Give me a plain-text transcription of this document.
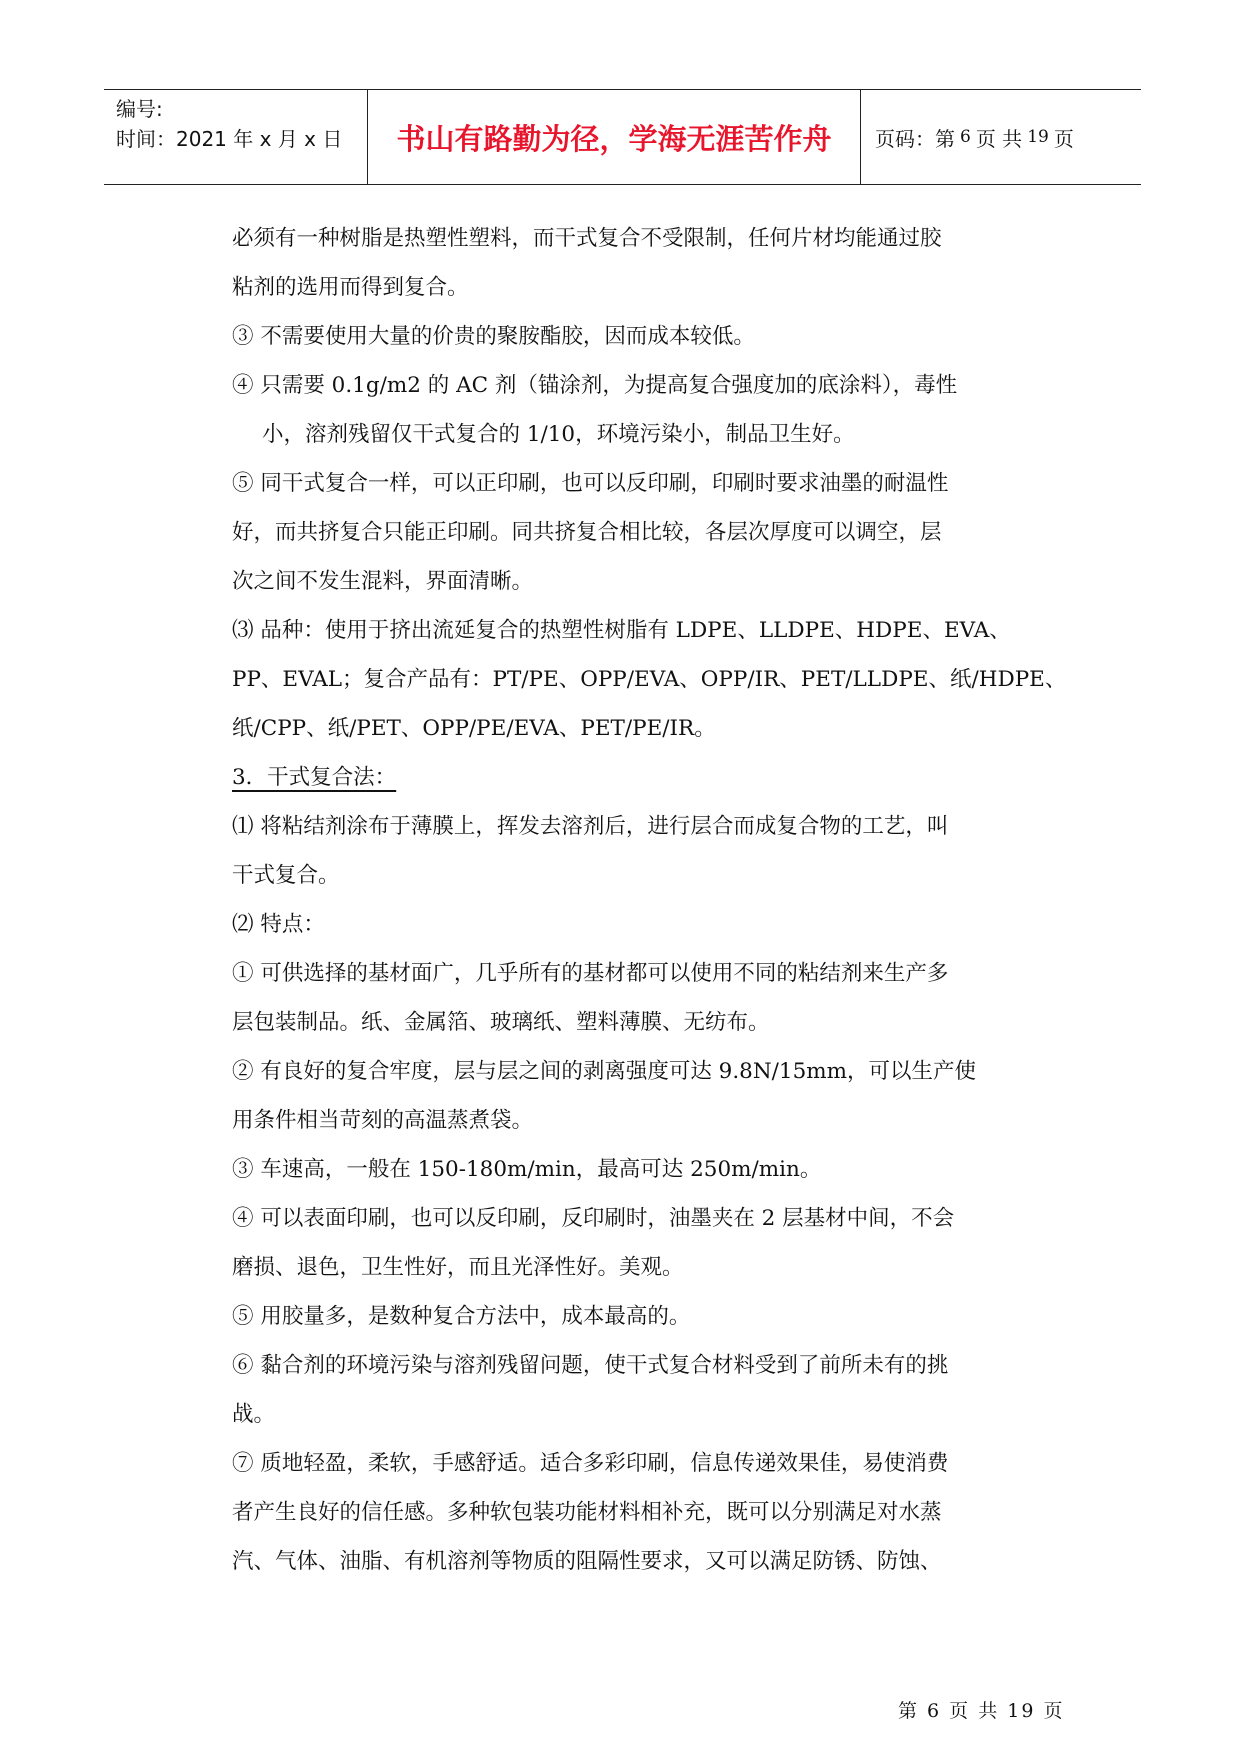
编号:
时间：2021 年 x 月 x 日	书山有路勤为径，学海无涯苦作舟	页码：第 6 页 共 19 页

必须有一种树脂是热塑性塑料，而干式复合不受限制，任何片材均能通过胶

粘剂的选用而得到复合。

③ 不需要使用大量的价贵的聚胺酯胶，因而成本较低。

④ 只需要 0.1g/m2 的 AC 剂（锚涂剂，为提高复合强度加的底涂料），毒性

小，溶剂残留仅干式复合的 1/10，环境污染小，制品卫生好。

⑤ 同干式复合一样，可以正印刷，也可以反印刷，印刷时要求油墨的耐温性

好，而共挤复合只能正印刷。同共挤复合相比较，各层次厚度可以调空，层

次之间不发生混料，界面清晰。

⑶ 品种：使用于挤出流延复合的热塑性树脂有 LDPE、LLDPE、HDPE、EVA、

PP、EVAL；复合产品有：PT/PE、OPP/EVA、OPP/IR、PET/LLDPE、纸/HDPE、

纸/CPP、纸/PET、OPP/PE/EVA、PET/PE/IR。

3．干式复合法：

⑴ 将粘结剂涂布于薄膜上，挥发去溶剂后，进行层合而成复合物的工艺，叫

干式复合。

⑵ 特点：

① 可供选择的基材面广，几乎所有的基材都可以使用不同的粘结剂来生产多

层包装制品。纸、金属箔、玻璃纸、塑料薄膜、无纺布。

② 有良好的复合牢度，层与层之间的剥离强度可达 9.8N/15mm，可以生产使

用条件相当苛刻的高温蒸煮袋。

③ 车速高，一般在 150-180m/min，最高可达 250m/min。

④ 可以表面印刷，也可以反印刷，反印刷时，油墨夹在 2 层基材中间，不会

磨损、退色，卫生性好，而且光泽性好。美观。

⑤ 用胶量多，是数种复合方法中，成本最高的。

⑥ 黏合剂的环境污染与溶剂残留问题，使干式复合材料受到了前所未有的挑

战。

⑦ 质地轻盈，柔软，手感舒适。适合多彩印刷，信息传递效果佳，易使消费

者产生良好的信任感。多种软包装功能材料相补充，既可以分别满足对水蒸

汽、气体、油脂、有机溶剂等物质的阻隔性要求，又可以满足防锈、防蚀、

第 6 页 共 19 页
